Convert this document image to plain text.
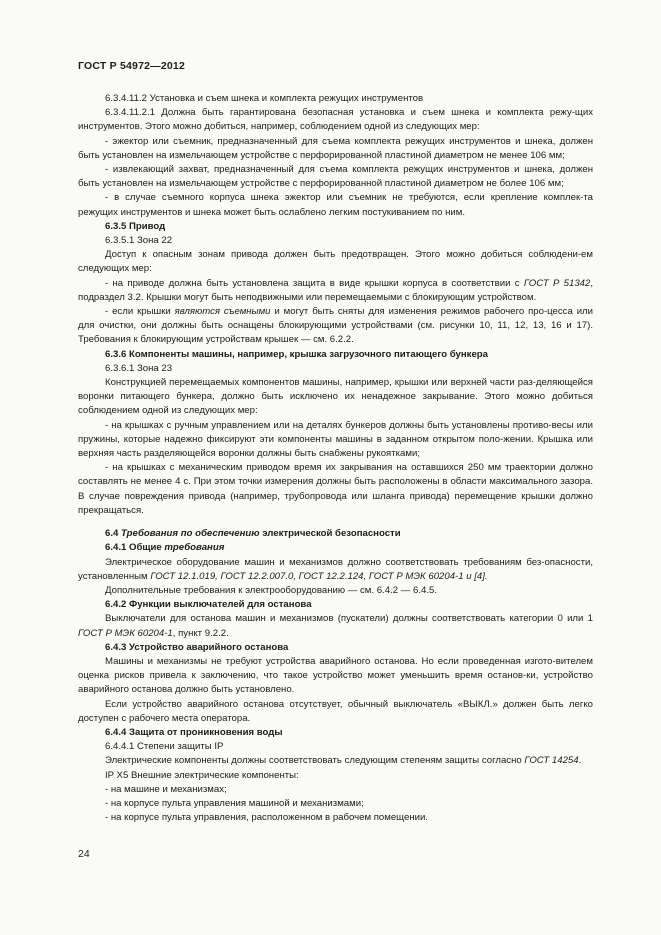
ГОСТ Р 54972—2012

6.3.4.11.2 Установка и съем шнека и комплекта режущих инструментов

6.3.4.11.2.1 Должна быть гарантирована безопасная установка и съем шнека и комплекта режу-щих инструментов. Этого можно добиться, например, соблюдением одной из следующих мер:

- эжектор или съемник, предназначенный для съема комплекта режущих инструментов и шнека, должен быть установлен на измельчающем устройстве с перфорированной пластиной диаметром не менее 106 мм;

- извлекающий захват, предназначенный для съема комплекта режущих инструментов и шнека, должен быть установлен на измельчающем устройстве с перфорированной пластиной диаметром не более 106 мм;

- в случае съемного корпуса шнека эжектор или съемник не требуются, если крепление комплек-та режущих инструментов и шнека может быть ослаблено легким постукиванием по ним.

6.3.5 Привод

6.3.5.1 Зона 22

Доступ к опасным зонам привода должен быть предотвращен. Этого можно добиться соблюдени-ем следующих мер:

- на приводе должна быть установлена защита в виде крышки корпуса в соответствии с ГОСТ Р 51342, подраздел 3.2. Крышки могут быть неподвижными или перемещаемыми с блокирующим устройством.

- если крышки являются съемными и могут быть сняты для изменения режимов рабочего про-цесса или для очистки, они должны быть оснащены блокирующими устройствами (см. рисунки 10, 11, 12, 13, 16 и 17). Требования к блокирующим устройствам крышек — см. 6.2.2.

6.3.6 Компоненты машины, например, крышка загрузочного питающего бункера

6.3.6.1 Зона 23

Конструкцией перемещаемых компонентов машины, например, крышки или верхней части раз-деляющейся воронки питающего бункера, должно быть исключено их ненадежное закрывание. Этого можно добиться соблюдением одной из следующих мер:

- на крышках с ручным управлением или на деталях бункеров должны быть установлены противо-весы или пружины, которые надежно фиксируют эти компоненты машины в заданном открытом поло-жении. Крышка или верхняя часть разделяющейся воронки должны быть снабжены рукоятками;

- на крышках с механическим приводом время их закрывания на оставшихся 250 мм траектории должно составлять не менее 4 с. При этом точки измерения должны быть расположены в области максимального зазора. В случае повреждения привода (например, трубопровода или шланга привода) перемещение крышки должно прекращаться.

6.4 Требования по обеспечению электрической безопасности

6.4.1 Общие требования

Электрическое оборудование машин и механизмов должно соответствовать требованиям без-опасности, установленным ГОСТ 12.1.019, ГОСТ 12.2.007.0, ГОСТ 12.2.124, ГОСТ Р МЭК 60204-1 и [4].

Дополнительные требования к электрооборудованию — см. 6.4.2 — 6.4.5.

6.4.2 Функции выключателей для останова

Выключатели для останова машин и механизмов (пускатели) должны соответствовать категории 0 или 1 ГОСТ Р МЭК 60204-1, пункт 9.2.2.

6.4.3 Устройство аварийного останова

Машины и механизмы не требуют устройства аварийного останова. Но если проведенная изгото-вителем оценка рисков привела к заключению, что такое устройство может уменьшить время останов-ки, устройство аварийного останова должно быть установлено.

Если устройство аварийного останова отсутствует, обычный выключатель «ВЫКЛ.» должен быть легко доступен с рабочего места оператора.

6.4.4 Защита от проникновения воды

6.4.4.1 Степени защиты IP

Электрические компоненты должны соответствовать следующим степеням защиты согласно ГОСТ 14254.

IP X5 Внешние электрические компоненты:

- на машине и механизмах;

- на корпусе пульта управления машиной и механизмами;

- на корпусе пульта управления, расположенном в рабочем помещении.

24
